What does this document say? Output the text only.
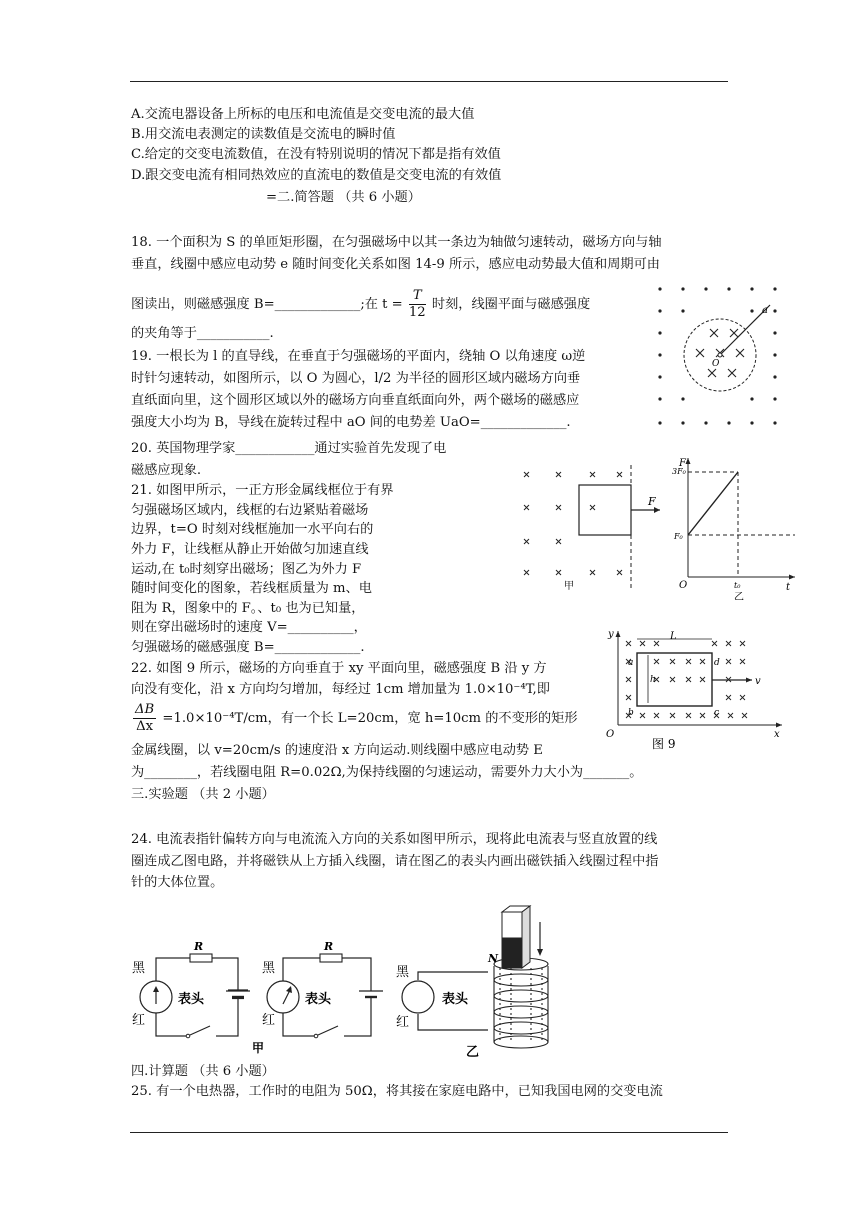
A.交流电器设备上所标的电压和电流值是交变电流的最大值
B.用交流电表测定的读数值是交流电的瞬时值
C.给定的交变电流数值，在没有特别说明的情况下都是指有效值
D.跟交变电流有相同热效应的直流电的数值是交变电流的有效值
=二.简答题 （共 6 小题）
18. 一个面积为 S 的单匝矩形圈，在匀强磁场中以其一条边为轴做匀速转动，磁场方向与轴
垂直，线圈中感应电动势 e 随时间变化关系如图 14-9 所示，感应电动势最大值和周期可由
图读出，则磁感强度 B=_____________;在 $t = \frac{T}{12}$ 时刻，线圈平面与磁感强度
的夹角等于___________.
19. 一根长为 l 的直导线，在垂直于匀强磁场的平面内，绕轴 O 以角速度 ω逆
时针匀速转动，如图所示，以 O 为圆心，l/2 为半径的圆形区域内磁场方向垂
直纸面向里，这个圆形区域以外的磁场方向垂直纸面向外，两个磁场的磁感应
强度大小均为 B，导线在旋转过程中 aO 间的电势差 UaO=_____________.
a
O
20. 英国物理学家____________通过实验首先发现了电
磁感应现象.
21. 如图甲所示，一正方形金属线框位于有界
匀强磁场区域内，线框的右边紧贴着磁场
边界，t=O 时刻对线框施加一水平向右的
外力 F，让线框从静止开始做匀加速直线
运动,在 t₀时刻穿出磁场；图乙为外力 F
随时间变化的图象，若线框质量为 m、电
阻为 R，图象中的 F。、t₀ 也为已知量，
则在穿出磁场时的速度 V=__________，
匀强磁场的磁感强度 B=_____________.
F
甲
F
3F₀
F₀
O	t₀	t
乙
22. 如图 9 所示，磁场的方向垂直于 xy 平面向里，磁感强度 B 沿 y 方
向没有变化，沿 x 方向均匀增加，每经过 1cm 增加量为 1.0×10⁻⁴T,即
$\frac{\Delta B}{\Delta x} =1.0\times 10^{-4}T/cm$，有一个长 L=20cm，宽 h=10cm 的不变形的矩形
金属线圈，以 v=20cm/s 的速度沿 x 方向运动.则线圈中感应电动势 E
为________，若线圈电阻 R=0.02Ω,为保持线圈的匀速运动，需要外力大小为_______。
L
h	v
a
b	c
d
y
x
O
图 9
三.实验题 （共 2 小题）
24. 电流表指针偏转方向与电流流入方向的关系如图甲所示，现将此电流表与竖直放置的线
圈连成乙图电路，并将磁铁从上方插入线圈，请在图乙的表头内画出磁铁插入线圈过程中指
针的大体位置。
黑
红
表头
R
黑
红
表头
R
甲
黑
红
表头
N
乙
四.计算题 （共 6 小题）
25. 有一个电热器，工作时的电阻为 50Ω，将其接在家庭电路中，已知我国电网的交变电流
